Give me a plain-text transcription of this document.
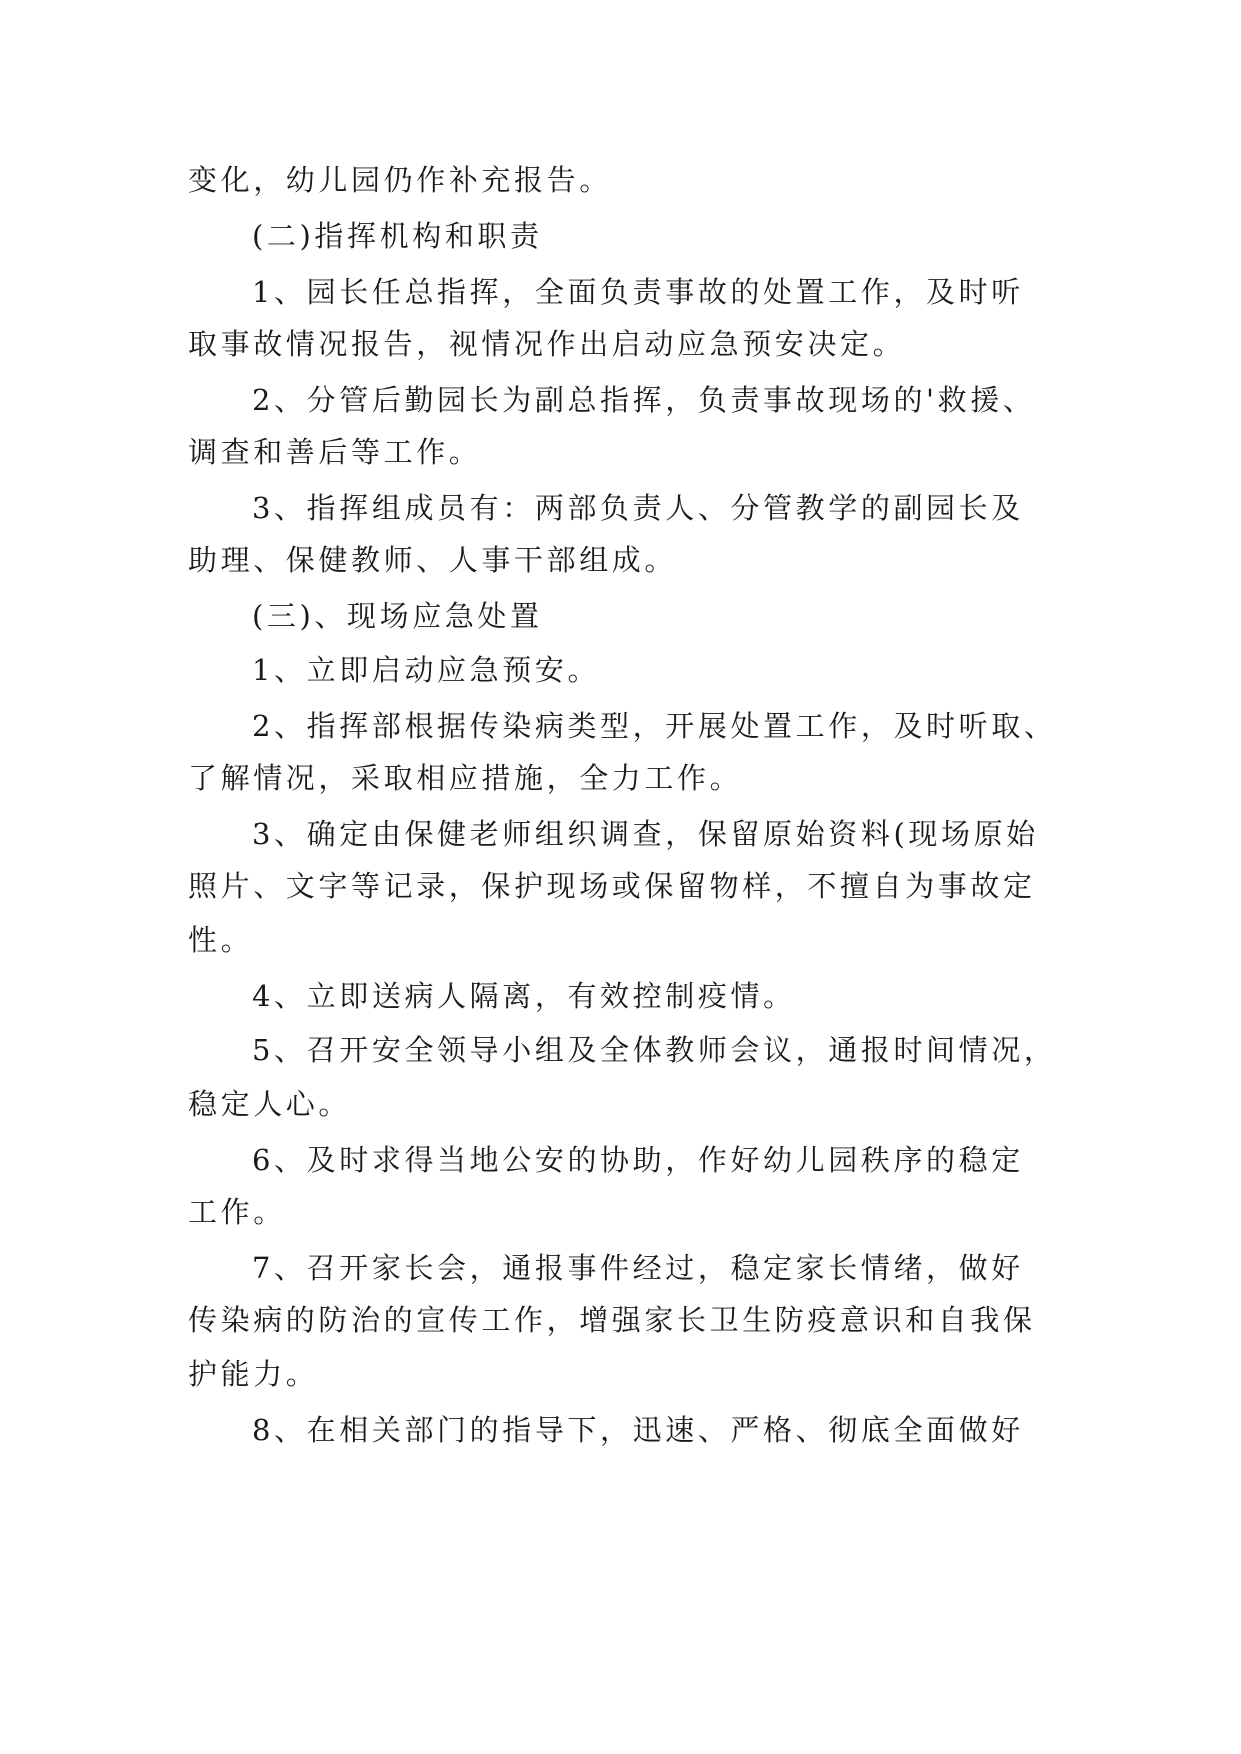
变化，幼儿园仍作补充报告。
(二)指挥机构和职责
1、园长任总指挥，全面负责事故的处置工作，及时听
取事故情况报告，视情况作出启动应急预安决定。
2、分管后勤园长为副总指挥，负责事故现场的'救援、
调查和善后等工作。
3、指挥组成员有：两部负责人、分管教学的副园长及
助理、保健教师、人事干部组成。
(三)、现场应急处置
1、立即启动应急预安。
2、指挥部根据传染病类型，开展处置工作，及时听取、
了解情况，采取相应措施，全力工作。
3、确定由保健老师组织调查，保留原始资料(现场原始
照片、文字等记录，保护现场或保留物样，不擅自为事故定
性。
4、立即送病人隔离，有效控制疫情。
5、召开安全领导小组及全体教师会议，通报时间情况，
稳定人心。
6、及时求得当地公安的协助，作好幼儿园秩序的稳定
工作。
7、召开家长会，通报事件经过，稳定家长情绪，做好
传染病的防治的宣传工作，增强家长卫生防疫意识和自我保
护能力。
8、在相关部门的指导下，迅速、严格、彻底全面做好
